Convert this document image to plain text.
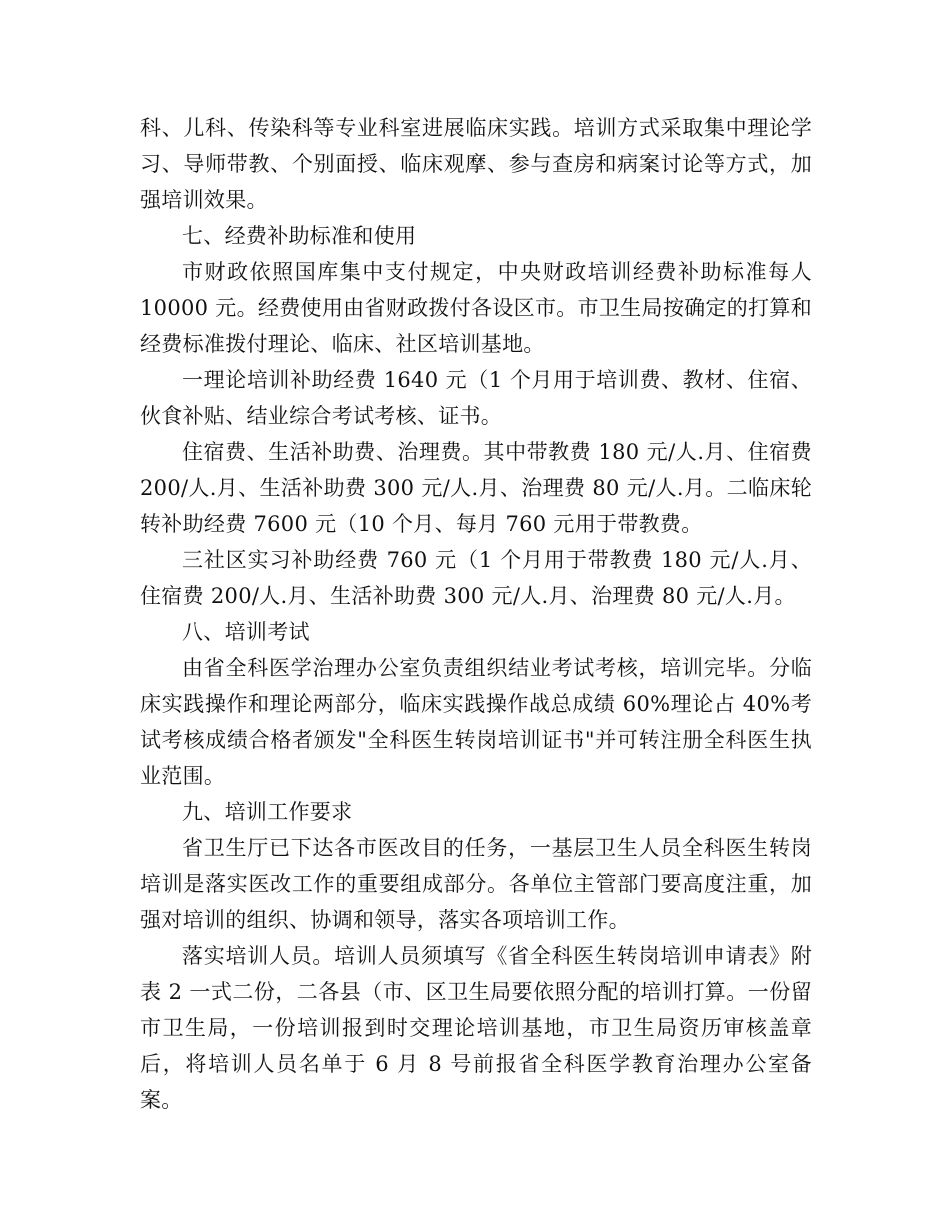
科、儿科、传染科等专业科室进展临床实践。培训方式采取集中理论学习、导师带教、个别面授、临床观摩、参与查房和病案讨论等方式，加强培训效果。

七、经费补助标准和使用

市财政依照国库集中支付规定，中央财政培训经费补助标准每人 10000 元。经费使用由省财政拨付各设区市。市卫生局按确定的打算和经费标准拨付理论、临床、社区培训基地。

一理论培训补助经费 1640 元（1 个月用于培训费、教材、住宿、伙食补贴、结业综合考试考核、证书。

住宿费、生活补助费、治理费。其中带教费 180 元/人.月、住宿费 200/人.月、生活补助费 300 元/人.月、治理费 80 元/人.月。二临床轮转补助经费 7600 元（10 个月、每月 760 元用于带教费。

三社区实习补助经费 760 元（1 个月用于带教费 180 元/人.月、住宿费 200/人.月、生活补助费 300 元/人.月、治理费 80 元/人.月。

八、培训考试

由省全科医学治理办公室负责组织结业考试考核，培训完毕。分临床实践操作和理论两部分，临床实践操作战总成绩 60%理论占 40%考试考核成绩合格者颁发"全科医生转岗培训证书"并可转注册全科医生执业范围。

九、培训工作要求

省卫生厅已下达各市医改目的任务，一基层卫生人员全科医生转岗培训是落实医改工作的重要组成部分。各单位主管部门要高度注重，加强对培训的组织、协调和领导，落实各项培训工作。

落实培训人员。培训人员须填写《省全科医生转岗培训申请表》附表 2 一式二份，二各县（市、区卫生局要依照分配的培训打算。一份留市卫生局，一份培训报到时交理论培训基地，市卫生局资历审核盖章后，将培训人员名单于 6 月 8 号前报省全科医学教育治理办公室备案。
